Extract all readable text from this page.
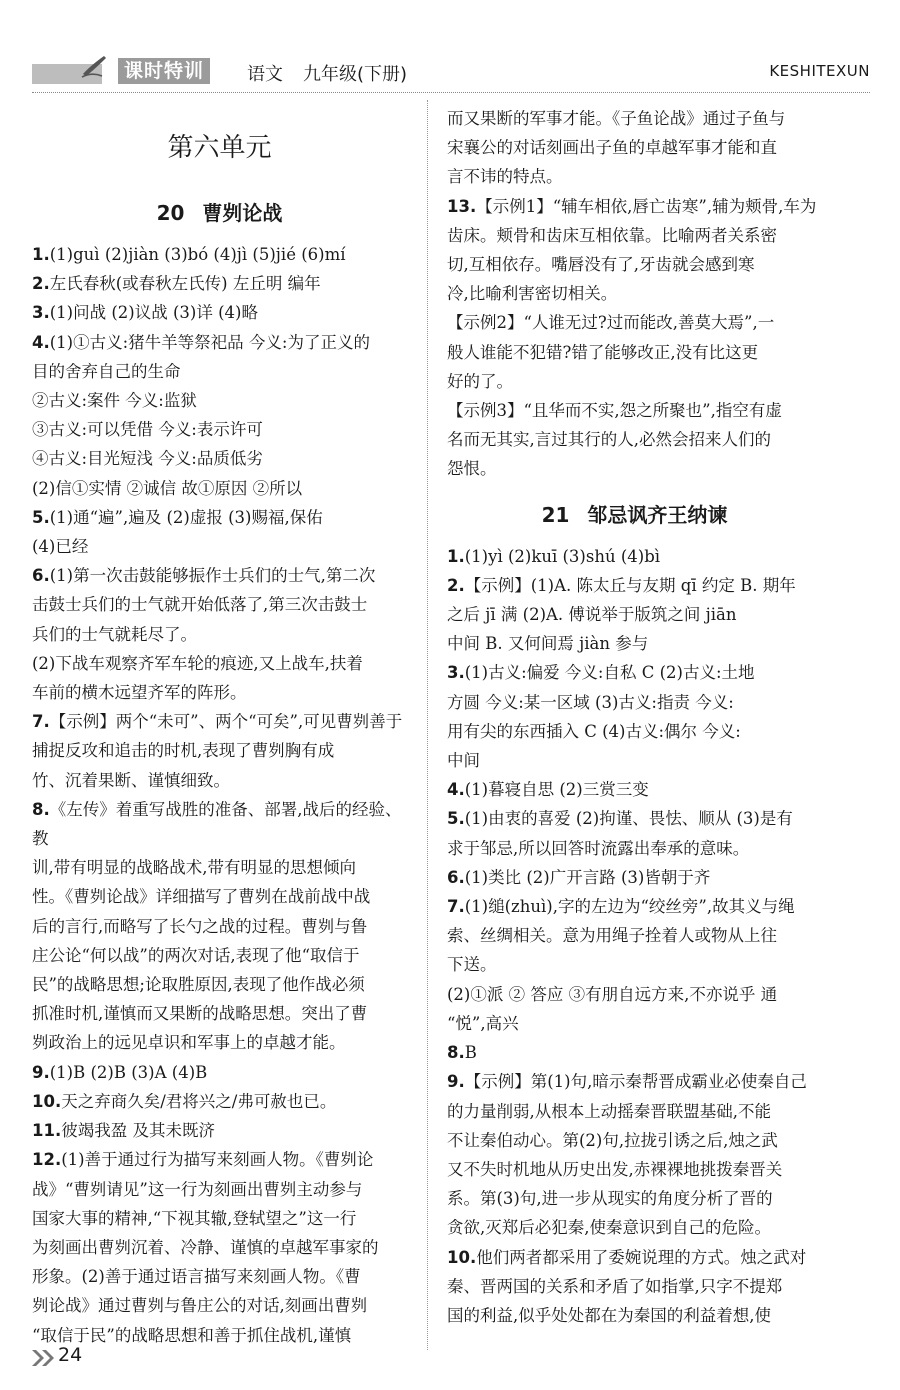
课时特训	语文 九年级(下册)	KESHITEXUN
第六单元
20 曹刿论战
1.(1)guì (2)jiàn (3)bó (4)jì (5)jié (6)mí
2.左氏春秋(或春秋左氏传) 左丘明 编年
3.(1)问战 (2)议战 (3)详 (4)略
4.(1)①古义:猪牛羊等祭祀品 今义:为了正义的
目的舍弃自己的生命
②古义:案件 今义:监狱
③古义:可以凭借 今义:表示许可
④古义:目光短浅 今义:品质低劣
(2)信①实情 ②诚信 故①原因 ②所以
5.(1)通“遍”,遍及 (2)虚报 (3)赐福,保佑
(4)已经
6.(1)第一次击鼓能够振作士兵们的士气,第二次
击鼓士兵们的士气就开始低落了,第三次击鼓士
兵们的士气就耗尽了。
(2)下战车观察齐军车轮的痕迹,又上战车,扶着
车前的横木远望齐军的阵形。
7.【示例】两个“未可”、两个“可矣”,可见曹刿善于
捕捉反攻和追击的时机,表现了曹刿胸有成
竹、沉着果断、谨慎细致。
8.《左传》着重写战胜的准备、部署,战后的经验、教
训,带有明显的战略战术,带有明显的思想倾向
性。《曹刿论战》详细描写了曹刿在战前战中战
后的言行,而略写了长勺之战的过程。曹刿与鲁
庄公论“何以战”的两次对话,表现了他“取信于
民”的战略思想;论取胜原因,表现了他作战必须
抓准时机,谨慎而又果断的战略思想。突出了曹
刿政治上的远见卓识和军事上的卓越才能。
9.(1)B (2)B (3)A (4)B
10.天之弃商久矣/君将兴之/弗可赦也已。
11.彼竭我盈 及其未既济
12.(1)善于通过行为描写来刻画人物。《曹刿论
战》“曹刿请见”这一行为刻画出曹刿主动参与
国家大事的精神,“下视其辙,登轼望之”这一行
为刻画出曹刿沉着、冷静、谨慎的卓越军事家的
形象。(2)善于通过语言描写来刻画人物。《曹
刿论战》通过曹刿与鲁庄公的对话,刻画出曹刿
“取信于民”的战略思想和善于抓住战机,谨慎
而又果断的军事才能。《子鱼论战》通过子鱼与
宋襄公的对话刻画出子鱼的卓越军事才能和直
言不讳的特点。
13.【示例1】“辅车相依,唇亡齿寒”,辅为颊骨,车为
齿床。颊骨和齿床互相依靠。比喻两者关系密
切,互相依存。嘴唇没有了,牙齿就会感到寒
冷,比喻利害密切相关。
【示例2】“人谁无过?过而能改,善莫大焉”,一
般人谁能不犯错?错了能够改正,没有比这更
好的了。
【示例3】“且华而不实,怨之所聚也”,指空有虚
名而无其实,言过其行的人,必然会招来人们的
怨恨。
21 邹忌讽齐王纳谏
1.(1)yì (2)kuī (3)shú (4)bì
2.【示例】(1)A. 陈太丘与友期 qī 约定 B. 期年
之后 jī 满 (2)A. 傅说举于版筑之间 jiān
中间 B. 又何间焉 jiàn 参与
3.(1)古义:偏爱 今义:自私 C (2)古义:土地
方圆 今义:某一区域 (3)古义:指责 今义:
用有尖的东西插入 C (4)古义:偶尔 今义:
中间
4.(1)暮寝自思 (2)三赏三变
5.(1)由衷的喜爱 (2)拘谨、畏怯、顺从 (3)是有
求于邹忌,所以回答时流露出奉承的意味。
6.(1)类比 (2)广开言路 (3)皆朝于齐
7.(1)缒(zhuì),字的左边为“绞丝旁”,故其义与绳
索、丝绸相关。意为用绳子拴着人或物从上往
下送。
(2)①派 ② 答应 ③有朋自远方来,不亦说乎 通
“悦”,高兴
8.B
9.【示例】第(1)句,暗示秦帮晋成霸业必使秦自己
的力量削弱,从根本上动摇秦晋联盟基础,不能
不让秦伯动心。第(2)句,拉拢引诱之后,烛之武
又不失时机地从历史出发,赤裸裸地挑拨秦晋关
系。第(3)句,进一步从现实的角度分析了晋的
贪欲,灭郑后必犯秦,使秦意识到自己的危险。
10.他们两者都采用了委婉说理的方式。烛之武对
秦、晋两国的关系和矛盾了如指掌,只字不提郑
国的利益,似乎处处都在为秦国的利益着想,使
24
